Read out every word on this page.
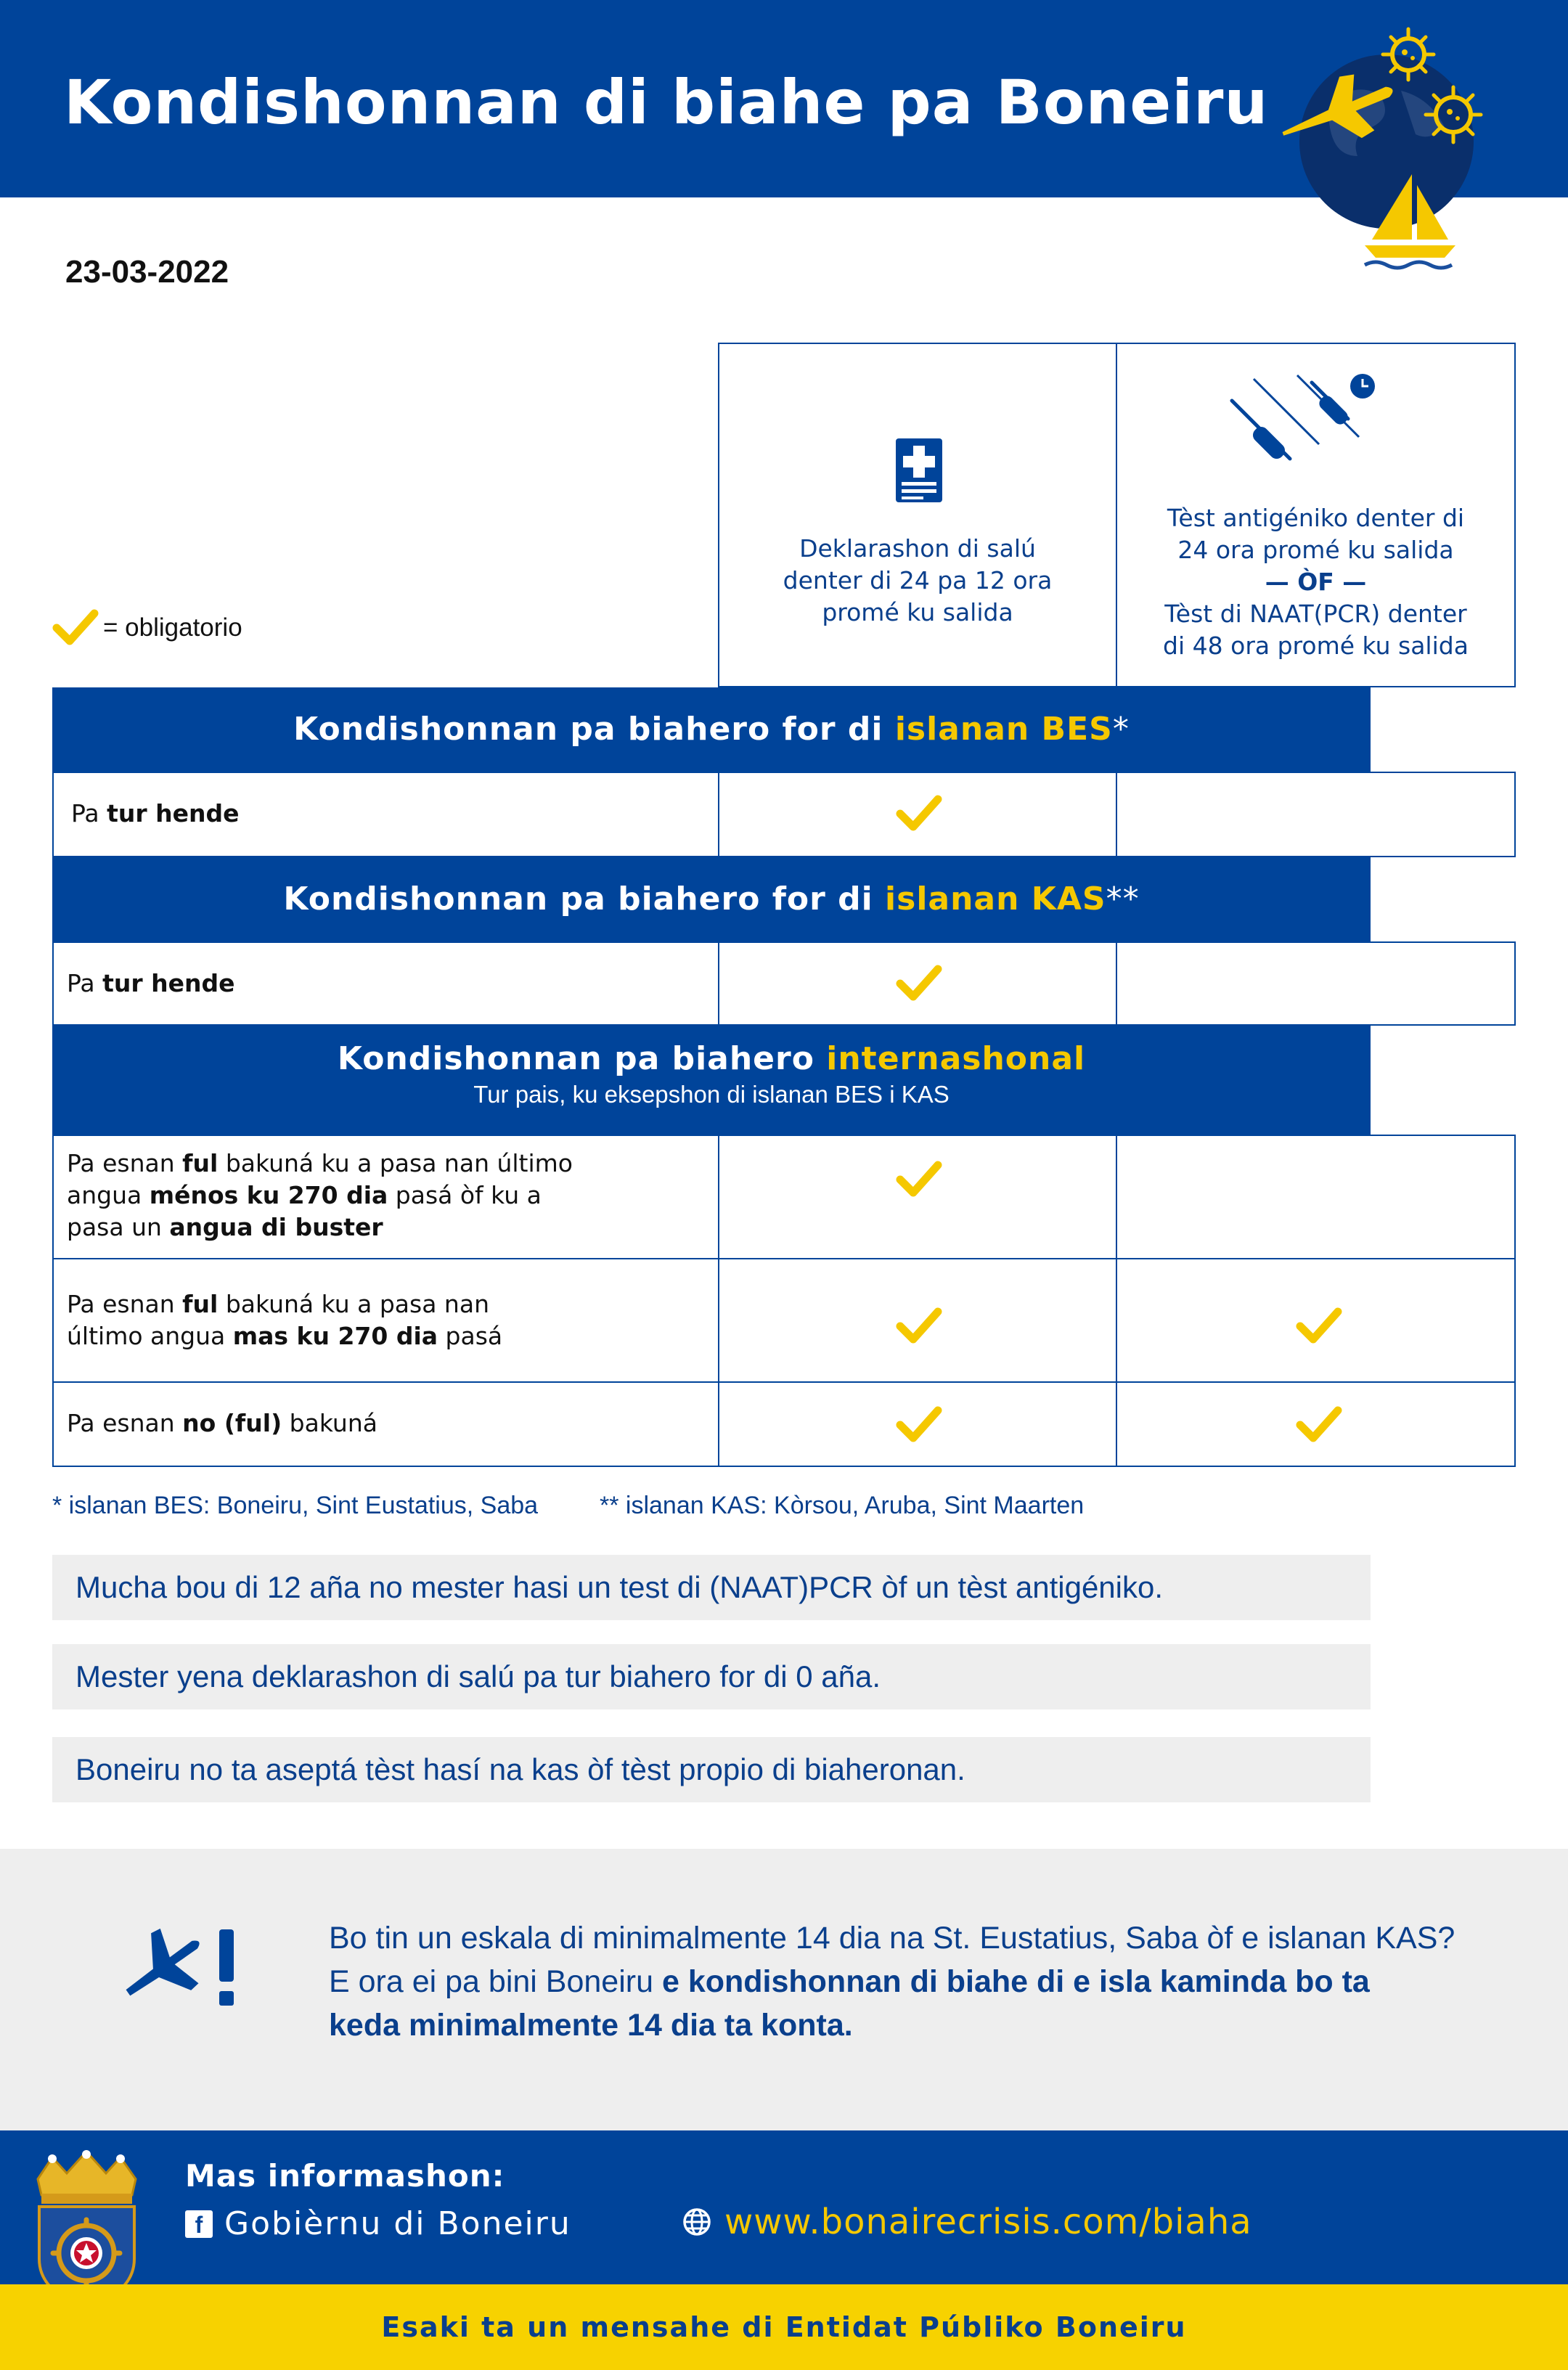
Kondishonnan di biahe pa Boneiru
23-03-2022
= obligatorio
Deklarashon di salú
denter di 24 pa 12 ora
promé ku salida
Tèst antigéniko denter di
24 ora promé ku salida
— ÒF —
Tèst di NAAT(PCR) denter
di 48 ora promé ku salida
Kondishonnan pa biahero for di islanan BES*
Pa tur hende
Kondishonnan pa biahero for di islanan KAS**
Pa tur hende
Kondishonnan pa biahero internashonal
Tur pais, ku eksepshon di islanan BES i KAS
Pa esnan ful bakuná ku a pasa nan último
angua ménos ku 270 dia pasá òf ku a
pasa un angua di buster
Pa esnan ful bakuná ku a pasa nan
último angua mas ku 270 dia pasá
Pa esnan no (ful) bakuná
* islanan BES: Boneiru, Sint Eustatius, Saba ** islanan KAS: Kòrsou, Aruba, Sint Maarten
Mucha bou di 12 aña no mester hasi un test di (NAAT)PCR òf un tèst antigéniko.
Mester yena deklarashon di salú pa tur biahero for di 0 aña.
Boneiru no ta aseptá tèst hasí na kas òf tèst propio di biaheronan.
Bo tin un eskala di minimalmente 14 dia na St. Eustatius, Saba òf e islanan KAS?
E ora ei pa bini Boneiru e kondishonnan di biahe di e isla kaminda bo ta
keda minimalmente 14 dia ta konta.
Mas informashon:
f Gobièrnu di Boneiru	www.bonairecrisis.com/biaha
Esaki ta un mensahe di Entidat Públiko Boneiru
